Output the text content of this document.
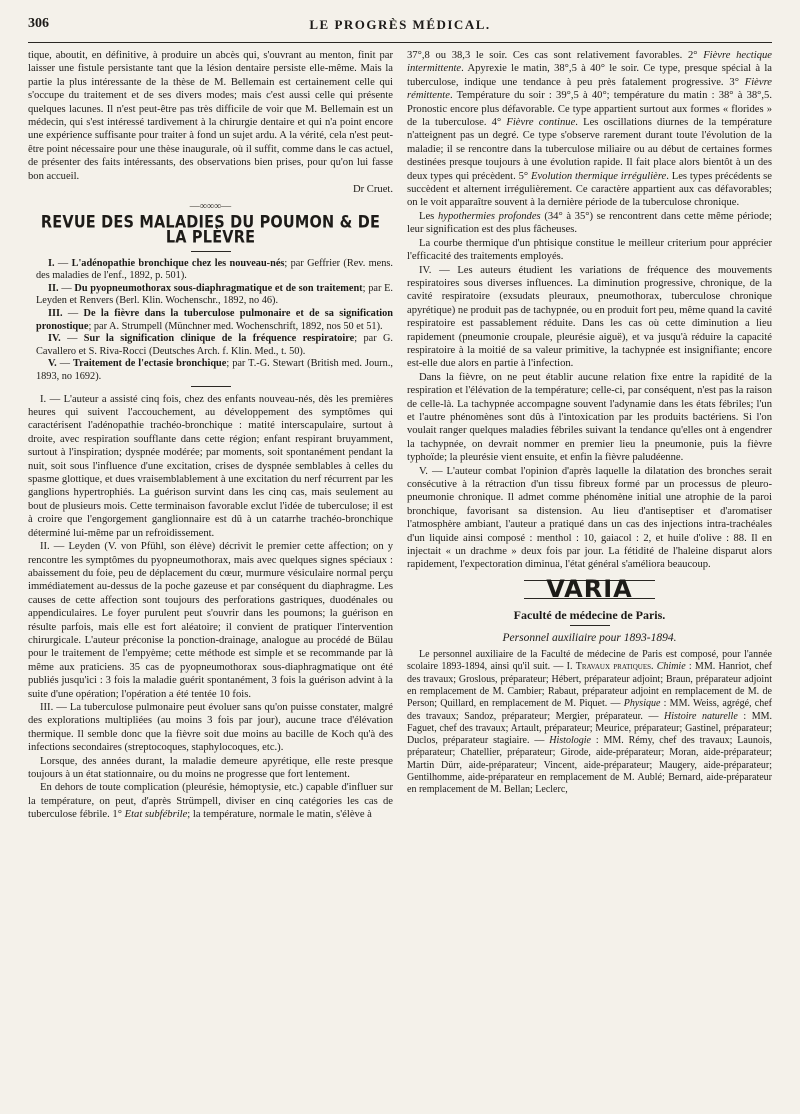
306	LE PROGRÈS MÉDICAL.

tique, aboutit, en définitive, à produire un abcès qui, s'ouvrant au menton, finit par laisser une fistule persistante tant que la lésion dentaire persiste elle-même. Mais la partie la plus intéressante de la thèse de M. Bellemain est certainement celle qui s'occupe du traitement et de ses divers modes; mais c'est aussi celle qui présente quelques lacunes. Il n'est peut-être pas très difficile de voir que M. Bellemain est un médecin, qui s'est intéressé tardivement à la chirurgie dentaire et qui n'a point encore une expérience suffisante pour traiter à fond un sujet ardu. A la vérité, cela n'est peut-être point nécessaire pour une thèse inaugurale, où il suffit, comme dans le cas actuel, de présenter des faits intéressants, des observations bien prises, pour qu'on lui fasse bon accueil.

Dr Cruet.
—∞∞∞—
REVUE DES MALADIES DU POUMON & DE LA PLÈVRE

I. — L'adénopathie bronchique chez les nouveau-nés; par Geffrier (Rev. mens. des maladies de l'enf., 1892, p. 501).

II. — Du pyopneumothorax sous-diaphragmatique et de son traitement; par E. Leyden et Renvers (Berl. Klin. Wochenschr., 1892, no 46).

III. — De la fièvre dans la tuberculose pulmonaire et de sa signification pronostique; par A. Strumpell (Münchner med. Wochenschrift, 1892, nos 50 et 51).

IV. — Sur la signification clinique de la fréquence respiratoire; par G. Cavallero et S. Riva-Rocci (Deutsches Arch. f. Klin. Med., t. 50).

V. — Traitement de l'ectasie bronchique; par T.-G. Stewart (British med. Journ., 1893, no 1692).

I. — L'auteur a assisté cinq fois, chez des enfants nouveau-nés, dès les premières heures qui suivent l'accouchement, au développement des symptômes qui caractérisent l'adénopathie trachéo-bronchique : matité interscapulaire, surtout à droite, avec respiration soufflante dans cette région; enfant respirant bruyamment, surtout à l'inspiration; dyspnée modérée; par moments, soit spontanément pendant la nuit, soit sous l'influence d'une excitation, crises de dyspnée semblables à celles du spasme glottique, et dues vraisemblablement à une excitation du nerf récurrent par les ganglions hypertrophiés. La guérison survint dans les cinq cas, mais seulement au bout de plusieurs mois. Cette terminaison favorable exclut l'idée de tuberculose; il est à croire que l'engorgement ganglionnaire est dû à un catarrhe trachéo-bronchique déterminé lui-même par un refroidissement.

II. — Leyden (V. von Pfühl, son élève) décrivit le premier cette affection; on y rencontre les symptômes du pyopneumothorax, mais avec quelques signes spéciaux : abaissement du foie, peu de déplacement du cœur, murmure vésiculaire normal perçu immédiatement au-dessus de la poche gazeuse et par conséquent du diaphragme. Les causes de cette affection sont toujours des perforations gastriques, duodénales ou appendiculaires. Le foyer purulent peut s'ouvrir dans les poumons; la guérison en résulte parfois, mais elle est fort aléatoire; il convient de pratiquer l'intervention chirurgicale. L'auteur préconise la ponction-drainage, analogue au procédé de Bülau pour le traitement de l'empyème; cette méthode est simple et se recommande par là même aux praticiens. 35 cas de pyopneumothorax sous-diaphragmatique ont été publiés jusqu'ici : 3 fois la maladie guérit spontanément, 3 fois la guérison advint à la suite d'une opération; l'opération a été tentée 10 fois.

III. — La tuberculose pulmonaire peut évoluer sans qu'on puisse constater, malgré des explorations multipliées (au moins 3 fois par jour), aucune trace d'élévation thermique. Il semble donc que la fièvre soit due moins au bacille de Koch qu'à des infections secondaires (streptocoques, staphylocoques, etc.).

Lorsque, des années durant, la maladie demeure apyrétique, elle reste presque toujours à un état stationnaire, ou du moins ne progresse que fort lentement.

En dehors de toute complication (pleurésie, hémoptysie, etc.) capable d'influer sur la température, on peut, d'après Strümpell, diviser en cinq catégories les cas de tuberculose fébrile. 1° Etat subfébrile; la température, normale le matin, s'élève à

37°,8 ou 38,3 le soir. Ces cas sont relativement favorables. 2° Fièvre hectique intermittente. Apyrexie le matin, 38°,5 à 40° le soir. Ce type, presque spécial à la tuberculose, indique une tendance à peu près fatalement progressive. 3° Fièvre rémittente. Température du soir : 39°,5 à 40°; température du matin : 38° à 38°,5. Pronostic encore plus défavorable. Ce type appartient surtout aux formes « florides » de la tuberculose. 4° Fièvre continue. Les oscillations diurnes de la température n'atteignent pas un degré. Ce type s'observe rarement durant toute l'évolution de la maladie; il se rencontre dans la tuberculose miliaire ou au début de certaines formes destinées presque toujours à une évolution rapide. Il fait place alors bientôt à un des deux types qui précèdent. 5° Evolution thermique irrégulière. Les types précédents se succèdent et alternent irrégulièrement. Ce caractère appartient aux cas défavorables; on le voit apparaître souvent à la dernière période de la tuberculose chronique.

Les hypothermies profondes (34° à 35°) se rencontrent dans cette même période; leur signification est des plus fâcheuses.

La courbe thermique d'un phtisique constitue le meilleur criterium pour apprécier l'efficacité des traitements employés.

IV. — Les auteurs étudient les variations de fréquence des mouvements respiratoires sous diverses influences. La diminution progressive, chronique, de la cavité respiratoire (exsudats pleuraux, pneumothorax, tuberculose chronique apyrétique) ne produit pas de tachypnée, ou en produit fort peu, même quand la cavité respiratoire est passablement réduite. Dans les cas où cette diminution a lieu rapidement (pneumonie croupale, pleurésie aiguë), et va jusqu'à réduire la capacité respiratoire à la moitié de sa valeur primitive, la tachypnée est insignifiante; encore est-elle due alors en partie à l'infection.

Dans la fièvre, on ne peut établir aucune relation fixe entre la rapidité de la respiration et l'élévation de la température; celle-ci, par conséquent, n'est pas la raison de celle-là. La tachypnée accompagne souvent l'adynamie dans les états fébriles; l'un et l'autre phénomènes sont dûs à l'intoxication par les produits bactériens. Si l'on voulait ranger quelques maladies fébriles suivant la tendance qu'elles ont à engendrer la tachypnée, on devrait nommer en premier lieu la pneumonie, puis la fièvre typhoïde; la pleurésie vient ensuite, et enfin la fièvre paludéenne.

V. — L'auteur combat l'opinion d'après laquelle la dilatation des bronches serait consécutive à la rétraction d'un tissu fibreux formé par un processus de pleuro-pneumonie chronique. Il admet comme phénomène initial une atrophie de la paroi bronchique, favorisant sa distension. Au lieu d'antiseptiser et d'aromatiser l'atmosphère ambiant, l'auteur a pratiqué dans un cas des injections intra-trachéales d'un liquide ainsi composé : menthol : 10, gaiacol : 2, et huile d'olive : 88. Il en injectait « un drachme » deux fois par jour. La fétidité de l'haleine disparut alors rapidement, l'expectoration diminua, l'état général s'améliora beaucoup.

VARIA
Faculté de médecine de Paris.
Personnel auxiliaire pour 1893-1894.

Le personnel auxiliaire de la Faculté de médecine de Paris est composé, pour l'année scolaire 1893-1894, ainsi qu'il suit. — I. Travaux pratiques. Chimie : MM. Hanriot, chef des travaux; Groslous, préparateur; Hébert, préparateur adjoint; Braun, préparateur adjoint en remplacement de M. Cambier; Rabaut, préparateur adjoint en remplacement de M. de Person; Quillard, en remplacement de M. Piquet. — Physique : MM. Weiss, agrégé, chef des travaux; Sandoz, préparateur; Mergier, préparateur. — Histoire naturelle : MM. Faguet, chef des travaux; Artault, préparateur; Meurice, préparateur; Gastinel, préparateur; Duclos, préparateur stagiaire. — Histologie : MM. Rémy, chef des travaux; Launois, préparateur; Chatellier, préparateur; Girode, aide-préparateur; Moran, aide-préparateur; Martin Dürr, aide-préparateur; Vincent, aide-préparateur; Maugery, aide-préparateur; Gentilhomme, aide-préparateur en remplacement de M. Aublé; Bernard, aide-préparateur en remplacement de M. Bellan; Leclerc,
